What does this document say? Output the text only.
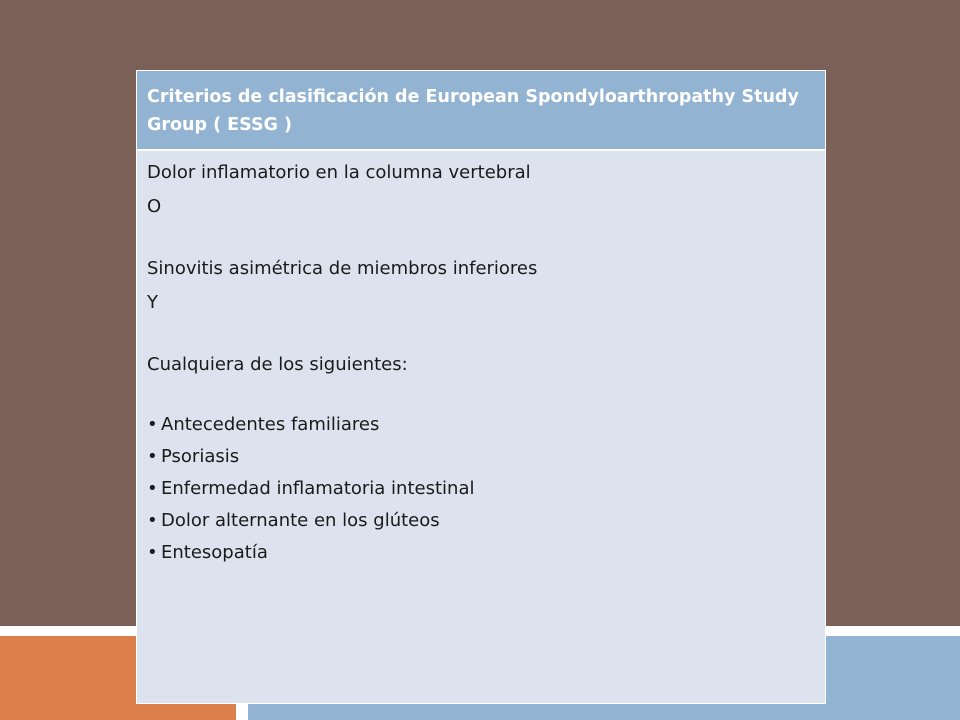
Criterios de clasificación de European Spondyloarthropathy Study Group ( ESSG )
Dolor inflamatorio en la columna vertebral
O
Sinovitis asimétrica de miembros inferiores
Y
Cualquiera de los siguientes:
• Antecedentes familiares
• Psoriasis
• Enfermedad inflamatoria intestinal
• Dolor alternante en los glúteos
• Entesopatía
